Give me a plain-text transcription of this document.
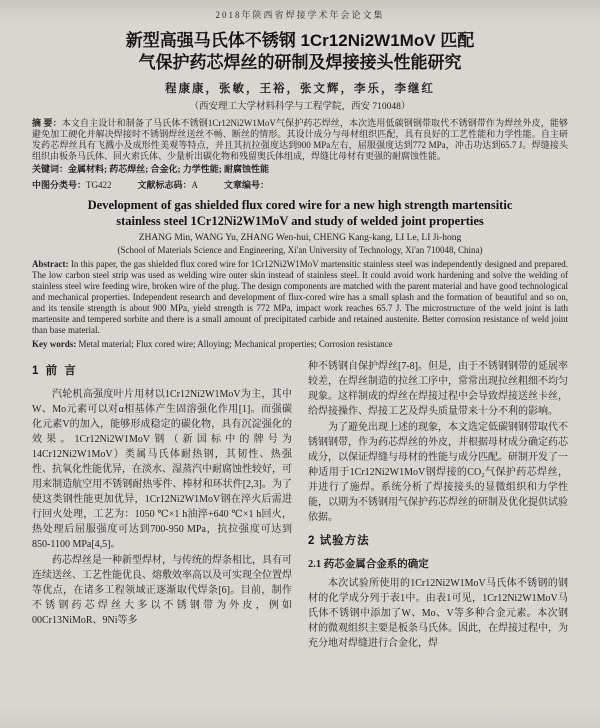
2018年陕西省焊接学术年会论文集
新型高强马氏体不锈钢 1Cr12Ni2W1MoV 匹配
气保护药芯焊丝的研制及焊接接头性能研究
程康康，张敏，王裕，张文辉，李乐，李继红
（西安理工大学材料科学与工程学院，西安 710048）
摘 要：本文自主设计和制备了马氏体不锈钢1Cr12Ni2W1MoV气保护药芯焊丝，本次选用低碳钢钢带取代不锈钢带作为焊丝外皮，能够避免加工硬化并解决焊接时不锈钢焊丝送丝不畅、断丝的情形。其设计成分与母材组织匹配，具有良好的工艺性能和力学性能。自主研发药芯焊丝具有飞溅小及成形性美观等特点，并且其抗拉强度达到900 MPa左右，屈服强度达到772 MPa，冲击功达到65.7 J。焊缝接头组织由板条马氏体、回火索氏体、少量析出碳化物和残留奥氏体组成，焊缝比母材有更强的耐腐蚀性能。
关键词：金属材料; 药芯焊丝; 合金化; 力学性能; 耐腐蚀性能
中图分类号：TG422	文献标志码：A	文章编号：
Development of gas shielded flux cored wire for a new high strength martensitic
stainless steel 1Cr12Ni2W1MoV and study of welded joint properties
ZHANG Min, WANG Yu, ZHANG Wen-hui, CHENG Kang-kang, LI Le, LI Ji-hong
(School of Materials Science and Engineering, Xi'an University of Technology, Xi'an 710048, China)
Abstract: In this paper, the gas shielded flux cored wire for 1Cr12Ni2W1MoV martensitic stainless steel was independently designed and prepared. The low carbon steel strip was used as welding wire outer skin instead of stainless steel. It could avoid work hardening and solve the welding of stainless steel wire feeding wire, broken wire of the plug. The design components are matched with the parent material and have good technological and mechanical properties. Independent research and development of flux-cored wire has a small splash and the formation of beautiful and so on, and its tensile strength is about 900 MPa, yield strength is 772 MPa, impact work reaches 65.7 J. The microstructure of the weld joint is lath martensite and tempered sorbite and there is a small amount of precipitated carbide and retained austenite. Better corrosion resistance of weld joint than base material.
Key words: Metal material; Flux cored wire; Alloying; Mechanical properties; Corrosion resistance
1 前 言
汽轮机高强度叶片用材以1Cr12Ni2W1MoV为主，其中W、Mo元素可以对α相基体产生固溶强化作用[1]。而强碳化元素V的加入，能够形成稳定的碳化物，具有沉淀强化的效果。1Cr12Ni2W1MoV钢（新国标中的牌号为14Cr12Ni2W1MoV）类属马氏体耐热钢，其韧性、热强性、抗氧化性能优异，在淡水、湿蒸汽中耐腐蚀性较好，可用来制造航空用不锈钢耐热零件、棒材和环状件[2,3]。为了使这类钢性能更加优异，1Cr12Ni2W1MoV钢在淬火后需进行回火处理，工艺为：1050 ℃×1 h油淬+640 ℃×1 h回火，热处理后屈服强度可达到700-950 MPa，抗拉强度可达到850-1100 MPa[4,5]。
药芯焊丝是一种新型焊材，与传统的焊条相比，具有可连续送丝、工艺性能优良、熔敷效率高以及可实现全位置焊等优点，在诸多工程领域正逐渐取代焊条[6]。目前，制作不锈钢药芯焊丝大多以不锈钢带为外皮，例如00Cr13NiMoR、9Ni等多
种不锈钢自保护焊丝[7-8]。但是，由于不锈钢钢带的延展率较差，在焊丝制造的拉丝工序中，常常出现拉丝粗细不均匀现象。这样制成的焊丝在焊接过程中会导致焊接送丝卡丝，给焊接操作、焊接工艺及焊头质量带来十分不利的影响。
为了避免出现上述的现象，本文选定低碳钢钢带取代不锈钢钢带，作为药芯焊丝的外皮，并根据母材成分确定药芯成分，以保证焊缝与母材的性能与成分匹配。研制开发了一种适用于1Cr12Ni2W1MoV钢焊接的CO₂气保护药芯焊丝，并进行了施焊。系统分析了焊接接头的显微组织和力学性能，以期为不锈钢用气保护药芯焊丝的研制及优化提供试验依据。
2 试验方法
2.1 药芯金属合金系的确定
本次试验所使用的1Cr12Ni2W1MoV马氏体不锈钢的钢材的化学成分列于表1中。由表1可见，1Cr12Ni2W1MoV马氏体不锈钢中添加了W、Mo、V等多种合金元素。本次钢材的微观组织主要是板条马氏体。因此，在焊接过程中，为充分地对焊缝进行合金化，焊
